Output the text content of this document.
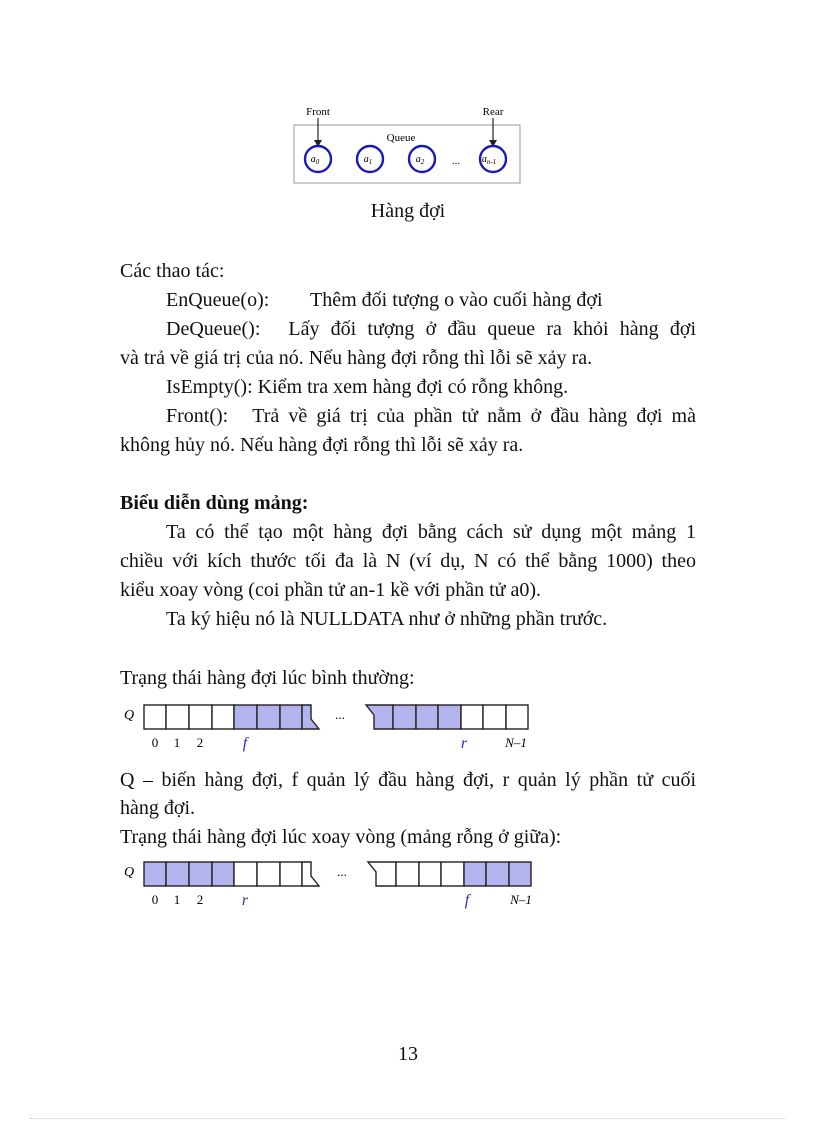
Front	Rear
Queue
$a_0$	$a_1$	$a_2$	... $a_{n-1}$
Hàng đợi
Các thao tác:
EnQueue(o): Thêm đối tượng o vào cuối hàng đợi
DeQueue(): Lấy đối tượng ở đầu queue ra khỏi hàng đợi
và trả về giá trị của nó. Nếu hàng đợi rỗng thì lỗi sẽ xảy ra.
IsEmpty(): Kiểm tra xem hàng đợi có rỗng không.
Front(): Trả về giá trị của phần tử nằm ở đầu hàng đợi mà
không hủy nó. Nếu hàng đợi rỗng thì lỗi sẽ xảy ra.
Biểu diễn dùng mảng:
Ta có thể tạo một hàng đợi bằng cách sử dụng một mảng 1
chiều với kích thước tối đa là N (ví dụ, N có thể bằng 1000) theo
kiểu xoay vòng (coi phần tử an-1 kề với phần tử a0).
Ta ký hiệu nó là NULLDATA như ở những phần trước.
Trạng thái hàng đợi lúc bình thường:
Q	...
0 1 2 f	r	N–1
Q – biến hàng đợi, f quản lý đầu hàng đợi, r quản lý phần tử cuối
hàng đợi.
Trạng thái hàng đợi lúc xoay vòng (mảng rỗng ở giữa):
Q	...
0 1 2 r	f	N–1
13
